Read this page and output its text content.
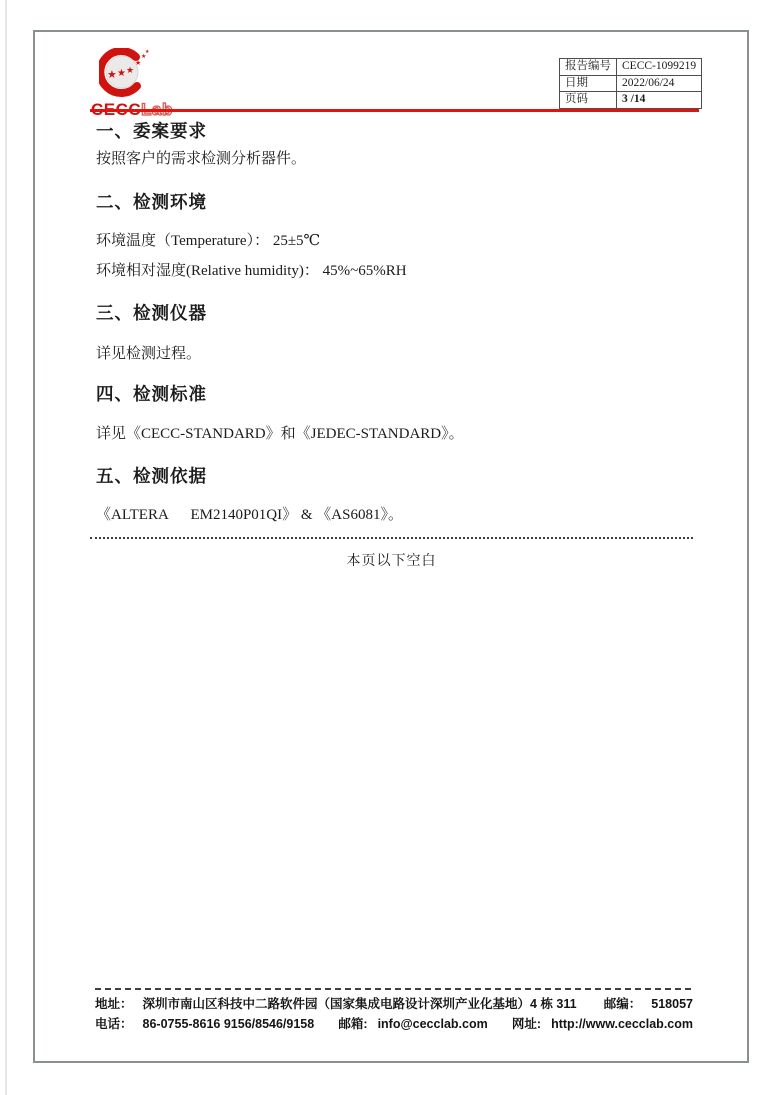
★ ★ ★
★
★
★
报告编号	CECC-1099219
日期	2022/06/24
页码	3 /14
一、委案要求
按照客户的需求检测分析器件。
二、检测环境
环境温度（Temperature）： 25±5℃
环境相对湿度(Relative humidity)： 45%~65%RH
三、检测仪器
详见检测过程。
四、检测标准
详见《CECC-STANDARD》和《JEDEC-STANDARD》。
五、检测依据
《ALTERA      EM2140P01QI》 & 《AS6081》。
本页以下空白
地址： 深圳市南山区科技中二路软件园（国家集成电路设计深圳产业化基地）4 栋 311 邮编： 518057
电话： 86-0755-8616 9156/8546/9158 邮箱: info@cecclab.com 网址: http://www.cecclab.com
